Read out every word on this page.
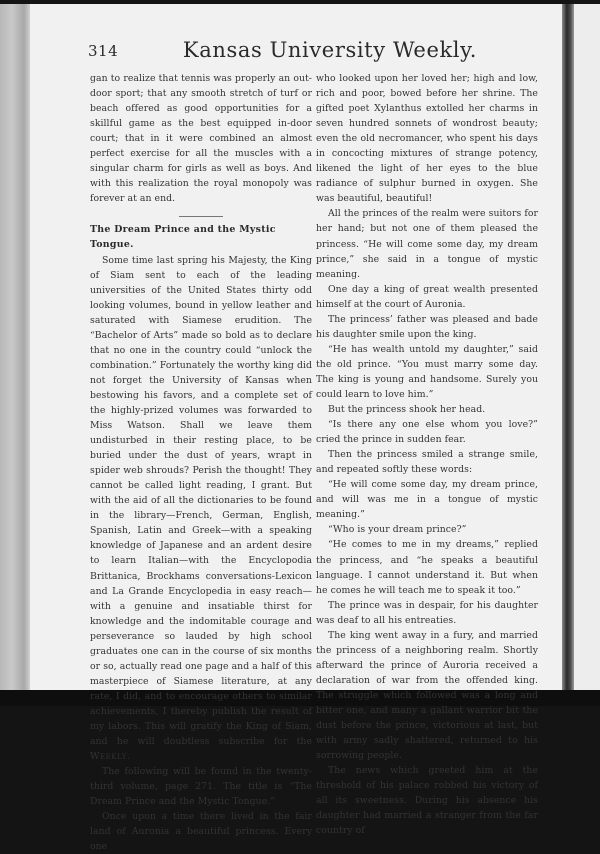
314	Kansas University Weekly.

gan to realize that tennis was properly an out-door sport; that any smooth stretch of turf or beach offered as good opportunities for a skillful game as the best equipped in-door court; that in it were combined an almost perfect exercise for all the muscles with a singular charm for girls as well as boys. And with this realization the royal monopoly was forever at an end.

The Dream Prince and the Mystic Tongue.

Some time last spring his Majesty, the King of Siam sent to each of the leading universities of the United States thirty odd looking volumes, bound in yellow leather and saturated with Siamese erudition. The “Bachelor of Arts” made so bold as to declare that no one in the country could “unlock the combination.” Fortunately the worthy king did not forget the University of Kansas when bestowing his favors, and a complete set of the highly-prized volumes was forwarded to Miss Watson. Shall we leave them undisturbed in their resting place, to be buried under the dust of years, wrapt in spider web shrouds? Perish the thought! They cannot be called light reading, I grant. But with the aid of all the dictionaries to be found in the library—French, German, English, Spanish, Latin and Greek—with a speaking knowledge of Japanese and an ardent desire to learn Italian—with the Encyclopodia Brittanica, Brockhams conversations-Lexicon and La Grande Encyclopedia in easy reach—with a genuine and insatiable thirst for knowledge and the indomitable courage and perseverance so lauded by high school graduates one can in the course of six months or so, actually read one page and a half of this masterpiece of Siamese literature, at any rate, I did, and to encourage others to similar achievements, I thereby publish the result of my labors. This will gratify the King of Siam, and he will doubtless subscribe for the Weekly.

The following will be found in the twenty-third volume, page 271. The title is “The Dream Prince and the Mystic Tongue.”

Once upon a time there lived in the fair land of Auronia a beautiful princess. Every one

who looked upon her loved her; high and low, rich and poor, bowed before her shrine. The gifted poet Xylanthus extolled her charms in seven hundred sonnets of wondrost beauty; even the old necromancer, who spent his days in concocting mixtures of strange potency, likened the light of her eyes to the blue radiance of sulphur burned in oxygen. She was beautiful, beautiful!

All the princes of the realm were suitors for her hand; but not one of them pleased the princess. “He will come some day, my dream prince,” she said in a tongue of mystic meaning.

One day a king of great wealth presented himself at the court of Auronia.

The princess’ father was pleased and bade his daughter smile upon the king.

“He has wealth untold my daughter,” said the old prince. “You must marry some day. The king is young and handsome. Surely you could learn to love him.”

But the princess shook her head.

“Is there any one else whom you love?” cried the prince in sudden fear.

Then the princess smiled a strange smile, and repeated softly these words:

“He will come some day, my dream prince, and will was me in a tongue of mystic meaning.”

“Who is your dream prince?”

“He comes to me in my dreams,” replied the princess, and “he speaks a beautiful language. I cannot understand it. But when he comes he will teach me to speak it too.”

The prince was in despair, for his daughter was deaf to all his entreaties.

The king went away in a fury, and married the princess of a neighboring realm. Shortly afterward the prince of Auroria received a declaration of war from the offended king. The struggle which followed was a long and bitter one, and many a gallant warrior bit the dust before the prince, victorious at last, but with army sadly shattered, returned to his sorrowing people.

The news which greeted him at the threshold of his palace robbed his victory of all its sweetness. During his absence his daughter had married a stranger from the far country of
